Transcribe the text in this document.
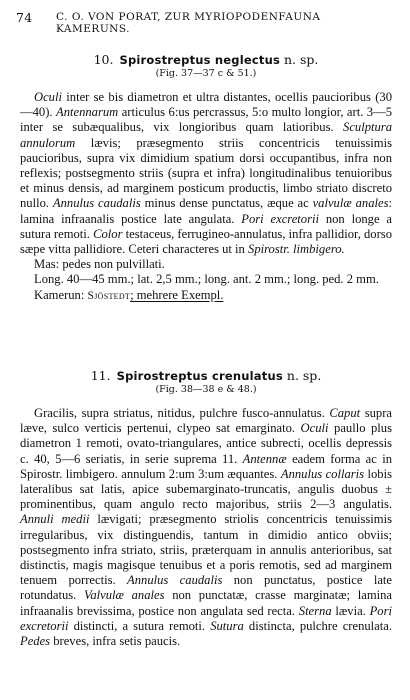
74 C. O. VON PORAT, ZUR MYRIOPODENFAUNA KAMERUNS.
10. Spirostreptus neglectus n. sp.
(Fig. 37—37 c & 51.)

Oculi inter se bis diametron et ultra distantes, ocellis paucioribus (30—40). Antennarum articulus 6:us percrassus, 5:o multo longior, art. 3—5 inter se subæqualibus, vix longioribus quam latioribus. Sculptura annulorum lævis; præsegmento striis concentricis tenuissimis paucioribus, supra vix dimidium spatium dorsi occupantibus, infra non reflexis; postsegmento striis (supra et infra) longitudinalibus tenuioribus et minus densis, ad marginem posticum productis, limbo striato discreto nullo. Annulus caudalis minus dense punctatus, æque ac valvulæ anales: lamina infraanalis postice late angulata. Pori excretorii non longe a sutura remoti. Color testaceus, ferrugineo-annulatus, infra pallidior, dorso sæpe vitta pallidiore. Ceteri characteres ut in Spirostr. limbigero.

Mas: pedes non pulvillati.

Long. 40—45 mm.; lat. 2,5 mm.; long. ant. 2 mm.; long. ped. 2 mm.

Kamerun: Sjöstedt; mehrere Exempl.

11. Spirostreptus crenulatus n. sp.
(Fig. 38—38 e & 48.)

Gracilis, supra striatus, nitidus, pulchre fusco-annulatus. Caput supra læve, sulco verticis pertenui, clypeo sat emarginato. Oculi paullo plus diametron 1 remoti, ovato-triangulares, antice subrecti, ocellis depressis c. 40, 5—6 seriatis, in serie suprema 11. Antennæ eadem forma ac in Spirostr. limbigero. annulum 2:um 3:um æquantes. Annulus collaris lobis lateralibus sat latis, apice subemarginato-truncatis, angulis duobus ± prominentibus, quam angulo recto majoribus, striis 2—3 angulatis. Annuli medii lævigati; præsegmento striolis concentricis tenuissimis irregularibus, vix distinguendis, tantum in dimidio antico obviis; postsegmento infra striato, striis, præterquam in annulis anterioribus, sat distinctis, magis magisque tenuibus et a poris remotis, sed ad marginem tenuem porrectis. Annulus caudalis non punctatus, postice late rotundatus. Valvulæ anales non punctatæ, crasse marginatæ; lamina infraanalis brevissima, postice non angulata sed recta. Sterna lævia. Pori excretorii distincti, a sutura remoti. Sutura distincta, pulchre crenulata. Pedes breves, infra setis paucis.
